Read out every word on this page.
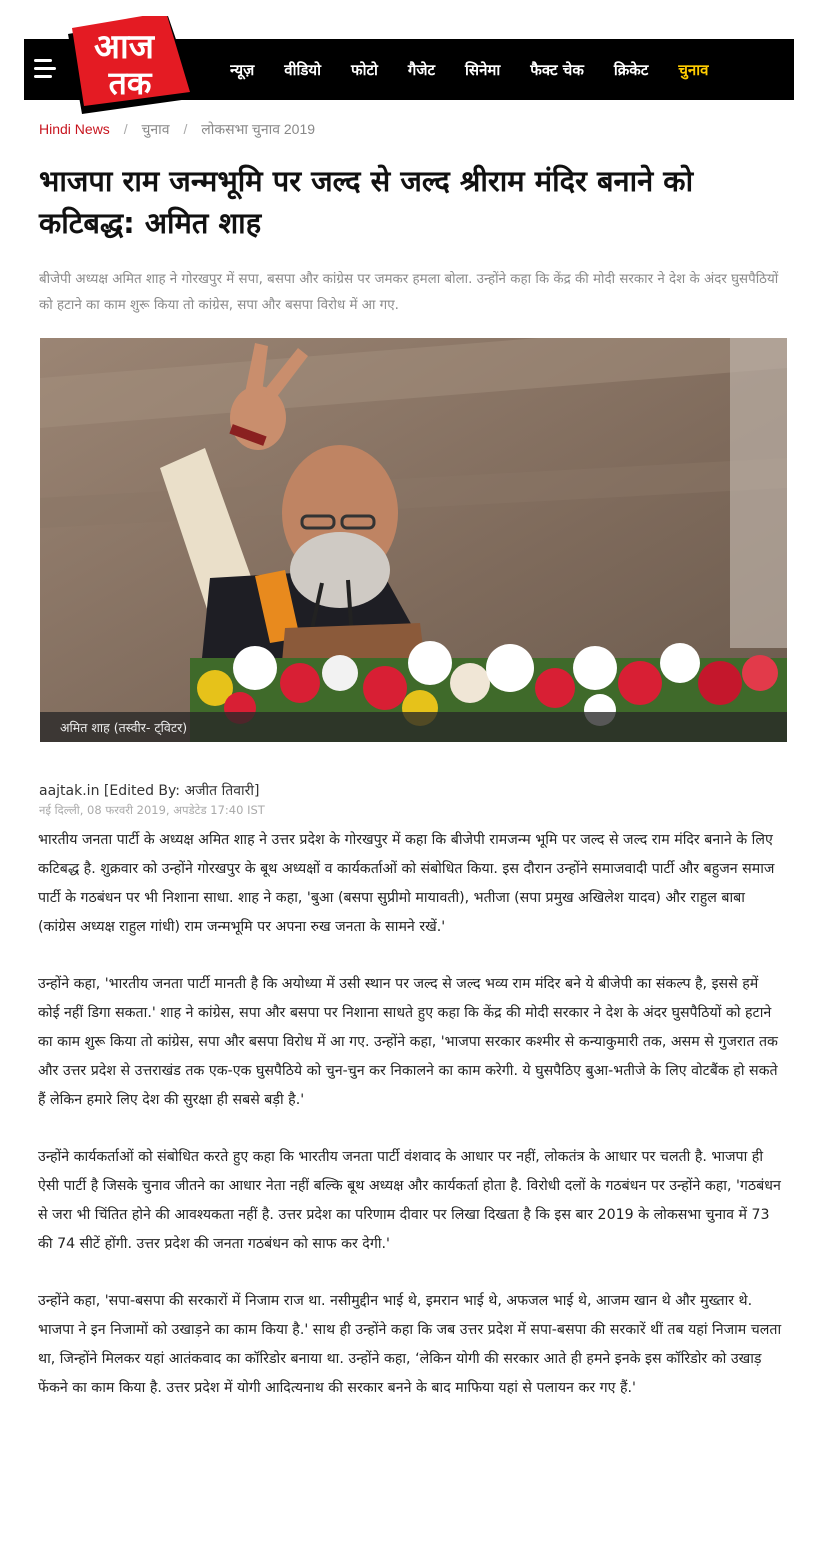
न्यूज़ वीडियो फोटो गैजेट सिनेमा फैक्ट चेक क्रिकेट चुनाव
आज
तक
Hindi News / चुनाव / लोकसभा चुनाव 2019
भाजपा राम जन्मभूमि पर जल्द से जल्द श्रीराम मंदिर बनाने को कटिबद्ध: अमित शाह

बीजेपी अध्यक्ष अमित शाह ने गोरखपुर में सपा, बसपा और कांग्रेस पर जमकर हमला बोला. उन्होंने कहा कि केंद्र की मोदी सरकार ने देश के अंदर घुसपैठियों को हटाने का काम शुरू किया तो कांग्रेस, सपा और बसपा विरोध में आ गए.

अमित शाह (तस्वीर- ट्विटर)
aajtak.in [Edited By: अजीत तिवारी]
नई दिल्ली, 08 फरवरी 2019, अपडेटेड 17:40 IST

भारतीय जनता पार्टी के अध्यक्ष अमित शाह ने उत्तर प्रदेश के गोरखपुर में कहा कि बीजेपी रामजन्म भूमि पर जल्द से जल्द राम मंदिर बनाने के लिए कटिबद्ध है. शुक्रवार को उन्होंने गोरखपुर के बूथ अध्यक्षों व कार्यकर्ताओं को संबोधित किया. इस दौरान उन्होंने समाजवादी पार्टी और बहुजन समाज पार्टी के गठबंधन पर भी निशाना साधा. शाह ने कहा, 'बुआ (बसपा सुप्रीमो मायावती), भतीजा (सपा प्रमुख अखिलेश यादव) और राहुल बाबा (कांग्रेस अध्यक्ष राहुल गांधी) राम जन्मभूमि पर अपना रुख जनता के सामने रखें.'

उन्होंने कहा, 'भारतीय जनता पार्टी मानती है कि अयोध्या में उसी स्थान पर जल्द से जल्द भव्य राम मंदिर बने ये बीजेपी का संकल्प है, इससे हमें कोई नहीं डिगा सकता.' शाह ने कांग्रेस, सपा और बसपा पर निशाना साधते हुए कहा कि केंद्र की मोदी सरकार ने देश के अंदर घुसपैठियों को हटाने का काम शुरू किया तो कांग्रेस, सपा और बसपा विरोध में आ गए. उन्होंने कहा, 'भाजपा सरकार कश्मीर से कन्याकुमारी तक, असम से गुजरात तक और उत्तर प्रदेश से उत्तराखंड तक एक-एक घुसपैठिये को चुन-चुन कर निकालने का काम करेगी. ये घुसपैठिए बुआ-भतीजे के लिए वोटबैंक हो सकते हैं लेकिन हमारे लिए देश की सुरक्षा ही सबसे बड़ी है.'

उन्होंने कार्यकर्ताओं को संबोधित करते हुए कहा कि भारतीय जनता पार्टी वंशवाद के आधार पर नहीं, लोकतंत्र के आधार पर चलती है. भाजपा ही ऐसी पार्टी है जिसके चुनाव जीतने का आधार नेता नहीं बल्कि बूथ अध्यक्ष और कार्यकर्ता होता है. विरोधी दलों के गठबंधन पर उन्होंने कहा, 'गठबंधन से जरा भी चिंतित होने की आवश्यकता नहीं है. उत्तर प्रदेश का परिणाम दीवार पर लिखा दिखता है कि इस बार 2019 के लोकसभा चुनाव में 73 की 74 सीटें होंगी. उत्तर प्रदेश की जनता गठबंधन को साफ कर देगी.'

उन्होंने कहा, 'सपा-बसपा की सरकारों में निजाम राज था. नसीमुद्दीन भाई थे, इमरान भाई थे, अफजल भाई थे, आजम खान थे और मुख्तार थे. भाजपा ने इन निजामों को उखाड़ने का काम किया है.' साथ ही उन्होंने कहा कि जब उत्तर प्रदेश में सपा-बसपा की सरकारें थीं तब यहां निजाम चलता था, जिन्होंने मिलकर यहां आतंकवाद का कॉरिडोर बनाया था. उन्होंने कहा, ‘लेकिन योगी की सरकार आते ही हमने इनके इस कॉरिडोर को उखाड़ फेंकने का काम किया है. उत्तर प्रदेश में योगी आदित्यनाथ की सरकार बनने के बाद माफिया यहां से पलायन कर गए हैं.'
